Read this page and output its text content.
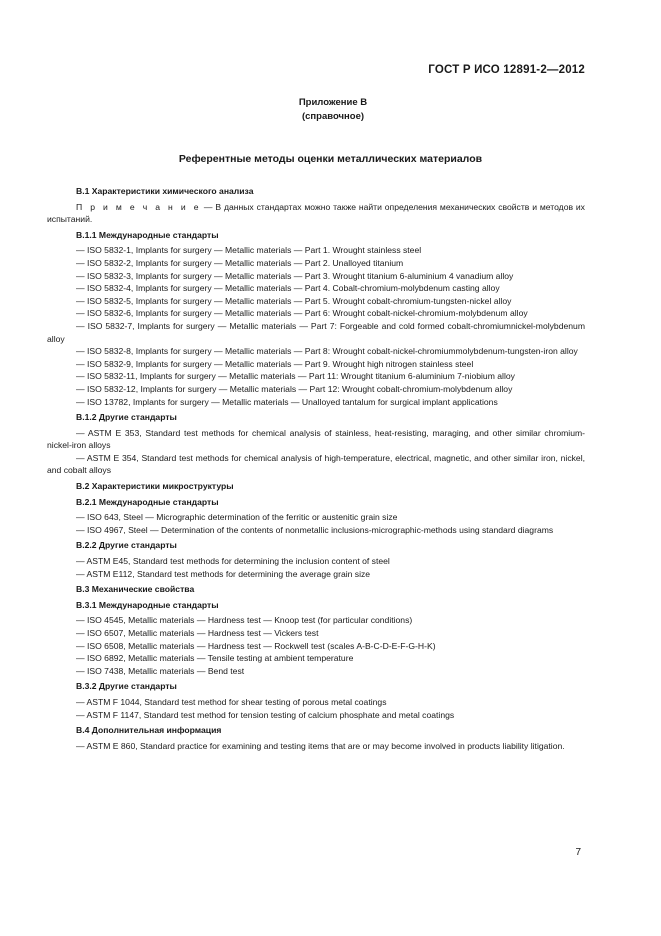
ГОСТ Р ИСО 12891-2—2012
Приложение В
(справочное)
Референтные методы оценки металлических материалов
В.1 Характеристики химического анализа

П р и м е ч а н и е — В данных стандартах можно также найти определения механических свойств и методов их испытаний.

В.1.1 Международные стандарты

— ISO 5832-1, Implants for surgery — Metallic materials — Part 1. Wrought stainless steel

— ISO 5832-2, Implants for surgery — Metallic materials — Part 2. Unalloyed titanium

— ISO 5832-3, Implants for surgery — Metallic materials — Part 3. Wrought titanium 6-aluminium 4 vanadium alloy

— ISO 5832-4, Implants for surgery — Metallic materials — Part 4. Cobalt-chromium-molybdenum casting alloy

— ISO 5832-5, Implants for surgery — Metallic materials — Part 5. Wrought cobalt-chromium-tungsten-nickel alloy

— ISO 5832-6, Implants for surgery — Metallic materials — Part 6: Wrought cobalt-nickel-chromium-molybdenum alloy

— ISO 5832-7, Implants for surgery — Metallic materials — Part 7: Forgeable and cold formed cobalt-chromiumnickel-molybdenum alloy

— ISO 5832-8, Implants for surgery — Metallic materials — Part 8: Wrought cobalt-nickel-chromiummolybdenum-tungsten-iron alloy

— ISO 5832-9, Implants for surgery — Metallic materials — Part 9. Wrought high nitrogen stainless steel

— ISO 5832-11, Implants for surgery — Metallic materials — Part 11: Wrought titanium 6-aluminium 7-niobium alloy

— ISO 5832-12, Implants for surgery — Metallic materials — Part 12: Wrought cobalt-chromium-molybdenum alloy

— ISO 13782, Implants for surgery — Metallic materials — Unalloyed tantalum for surgical implant applications

В.1.2 Другие стандарты

— ASTM E 353, Standard test methods for chemical analysis of stainless, heat-resisting, maraging, and other similar chromium-nickel-iron alloys

— ASTM E 354, Standard test methods for chemical analysis of high-temperature, electrical, magnetic, and other similar iron, nickel, and cobalt alloys

В.2 Характеристики микроструктуры
В.2.1 Международные стандарты

— ISO 643, Steel — Micrographic determination of the ferritic or austenitic grain size

— ISO 4967, Steel — Determination of the contents of nonmetallic inclusions-micrographic-methods using standard diagrams

В.2.2 Другие стандарты

— ASTM E45, Standard test methods for determining the inclusion content of steel

— ASTM E112, Standard test methods for determining the average grain size

В.3 Механические свойства
В.3.1 Международные стандарты

— ISO 4545, Metallic materials — Hardness test — Knoop test (for particular conditions)

— ISO 6507, Metallic materials — Hardness test — Vickers test

— ISO 6508, Metallic materials — Hardness test — Rockwell test (scales A-B-C-D-E-F-G-H-K)

— ISO 6892, Metallic materials — Tensile testing at ambient temperature

— ISO 7438, Metallic materials — Bend test

В.3.2 Другие стандарты

— ASTM F 1044, Standard test method for shear testing of porous metal coatings

— ASTM F 1147, Standard test method for tension testing of calcium phosphate and metal coatings

В.4 Дополнительная информация

— ASTM E 860, Standard practice for examining and testing items that are or may become involved in products liability litigation.

7
